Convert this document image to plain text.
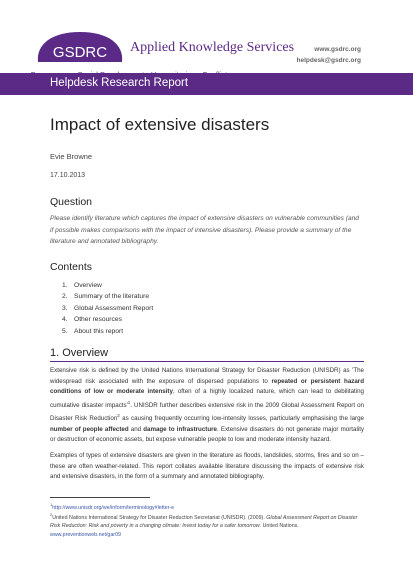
GSDRC Applied Knowledge Services	www.gsdrc.org
helpdesk@gsdrc.org
Helpdesk Research Report
Impact of extensive disasters
Evie Browne
17.10.2013
Question
Please identify literature which captures the impact of extensive disasters on vulnerable communities (and if possible makes comparisons with the impact of intensive disasters). Please provide a summary of the literature and annotated bibliography.
Contents
1. Overview
2. Summary of the literature
3. Global Assessment Report
4. Other resources
5. About this report
1. Overview

Extensive risk is defined by the United Nations International Strategy for Disaster Reduction (UNISDR) as 'The widespread risk associated with the exposure of dispersed populations to repeated or persistent hazard conditions of low or moderate intensity, often of a highly localized nature, which can lead to debilitating cumulative disaster $impacts'^1$. UNISDR further describes extensive risk in the 2009 Global Assessment Report on Disaster Risk Reduction$^2$ as causing frequently occurring low-intensity losses, particularly emphasising the large number of people affected and damage to infrastructure. Extensive disasters do not generate major mortality or destruction of economic assets, but expose vulnerable people to low and moderate intensity hazard.

Examples of types of extensive disasters are given in the literature as floods, landslides, storms, fires and so on – these are often weather-related. This report collates available literature discussing the impacts of extensive risk and extensive disasters, in the form of a summary and annotated bibliography.

$^1$http://www.unisdr.org/we/inform/terminology#letter-e

$^2$United Nations International Strategy for Disaster Reduction Secretariat (UNISDR). (2009). Global Assessment Report on Disaster Risk Reduction: Risk and poverty in a changing climate: Invest today for a safer tomorrow. United Nations. www.preventionweb.net/gar09
